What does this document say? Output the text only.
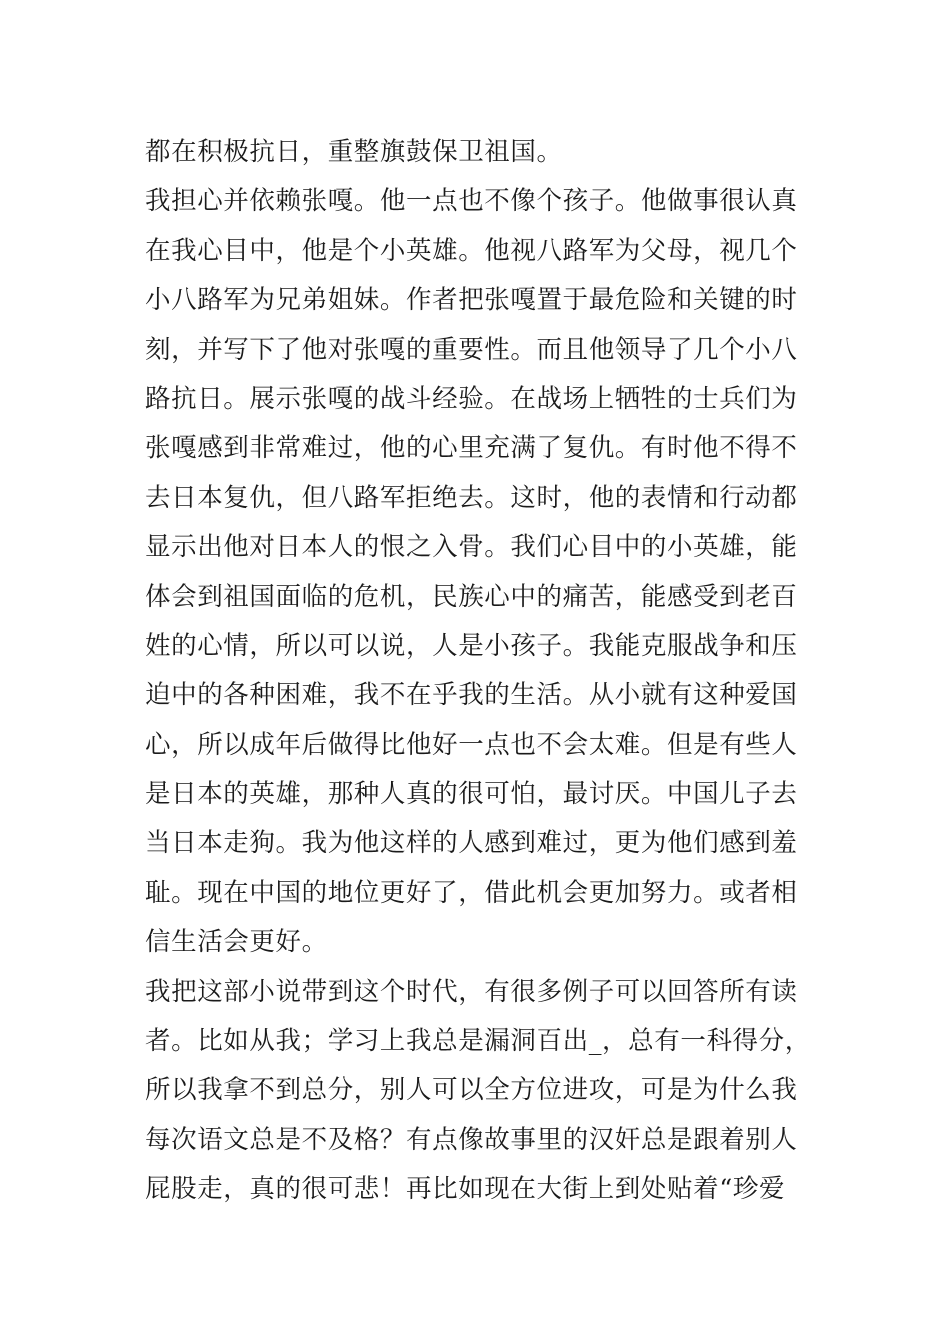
都在积极抗日，重整旗鼓保卫祖国。
我担心并依赖张嘎。他一点也不像个孩子。他做事很认真
在我心目中，他是个小英雄。他视八路军为父母，视几个
小八路军为兄弟姐妹。作者把张嘎置于最危险和关键的时
刻，并写下了他对张嘎的重要性。而且他领导了几个小八
路抗日。展示张嘎的战斗经验。在战场上牺牲的士兵们为
张嘎感到非常难过，他的心里充满了复仇。有时他不得不
去日本复仇，但八路军拒绝去。这时，他的表情和行动都
显示出他对日本人的恨之入骨。我们心目中的小英雄，能
体会到祖国面临的危机，民族心中的痛苦，能感受到老百
姓的心情，所以可以说，人是小孩子。我能克服战争和压
迫中的各种困难，我不在乎我的生活。从小就有这种爱国
心，所以成年后做得比他好一点也不会太难。但是有些人
是日本的英雄，那种人真的很可怕，最讨厌。中国儿子去
当日本走狗。我为他这样的人感到难过，更为他们感到羞
耻。现在中国的地位更好了，借此机会更加努力。或者相
信生活会更好。
我把这部小说带到这个时代，有很多例子可以回答所有读
者。比如从我；学习上我总是漏洞百出_，总有一科得分，
所以我拿不到总分，别人可以全方位进攻，可是为什么我
每次语文总是不及格？有点像故事里的汉奸总是跟着别人
屁股走，真的很可悲！再比如现在大街上到处贴着“珍爱
